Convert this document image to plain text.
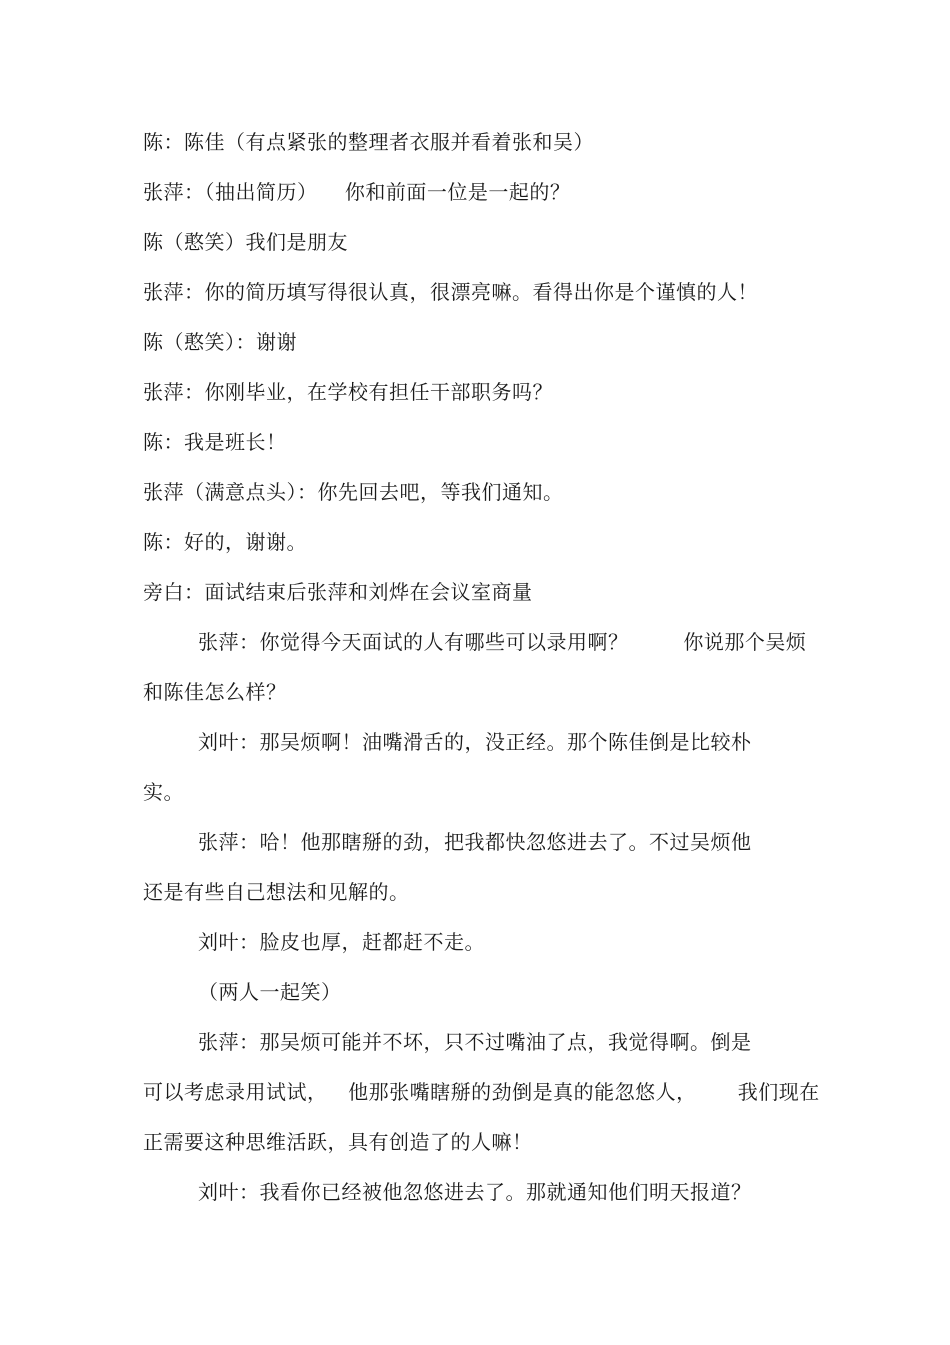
陈：陈佳（有点紧张的整理者衣服并看着张和吴）
张萍：（抽出简历）    你和前面一位是一起的？
陈（憨笑）我们是朋友
张萍：你的简历填写得很认真，很漂亮嘛。看得出你是个谨慎的人！
陈（憨笑）：谢谢
张萍：你刚毕业，在学校有担任干部职务吗？
陈：我是班长！
张萍（满意点头）：你先回去吧，等我们通知。
陈：好的，谢谢。
旁白：面试结束后张萍和刘烨在会议室商量
张萍：你觉得今天面试的人有哪些可以录用啊？        你说那个吴烦
和陈佳怎么样？
刘叶：那吴烦啊！油嘴滑舌的，没正经。那个陈佳倒是比较朴
实。
张萍：哈！他那瞎掰的劲，把我都快忽悠进去了。不过吴烦他
还是有些自己想法和见解的。
刘叶：脸皮也厚，赶都赶不走。
（两人一起笑）
张萍：那吴烦可能并不坏，只不过嘴油了点，我觉得啊。倒是
可以考虑录用试试，   他那张嘴瞎掰的劲倒是真的能忽悠人，      我们现在
正需要这种思维活跃，具有创造了的人嘛！
刘叶：我看你已经被他忽悠进去了。那就通知他们明天报道？
